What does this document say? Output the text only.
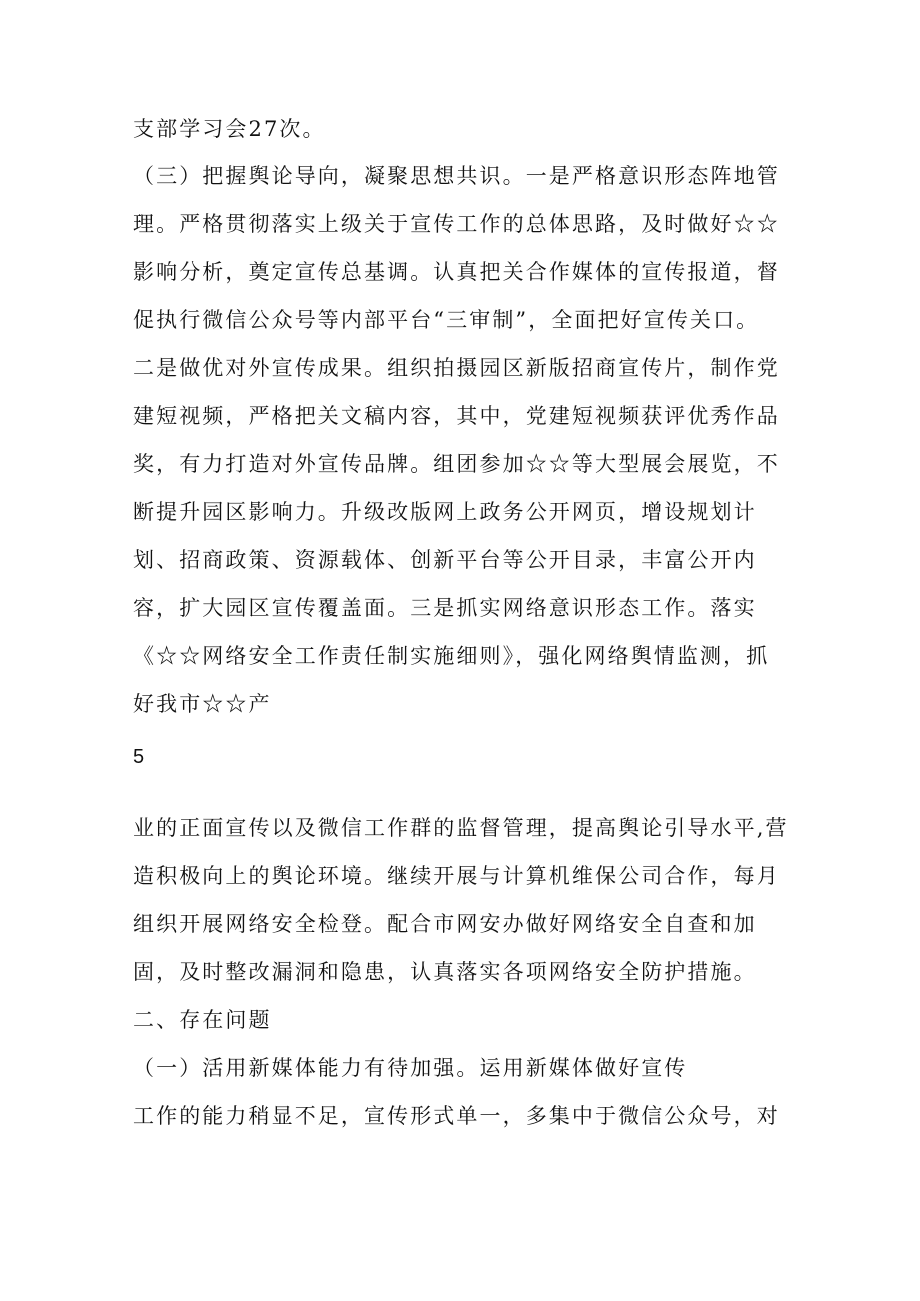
支部学习会27次。
（三）把握舆论导向，凝聚思想共识。一是严格意识形态阵地管
理。严格贯彻落实上级关于宣传工作的总体思路，及时做好☆☆
影响分析，奠定宣传总基调。认真把关合作媒体的宣传报道，督
促执行微信公众号等内部平台“三审制”，全面把好宣传关口。
二是做优对外宣传成果。组织拍摄园区新版招商宣传片，制作党
建短视频，严格把关文稿内容，其中，党建短视频获评优秀作品
奖，有力打造对外宣传品牌。组团参加☆☆等大型展会展览，不
断提升园区影响力。升级改版网上政务公开网页，增设规划计
划、招商政策、资源载体、创新平台等公开目录，丰富公开内
容，扩大园区宣传覆盖面。三是抓实网络意识形态工作。落实
《☆☆网络安全工作责任制实施细则》，强化网络舆情监测，抓
好我市☆☆产
5
业的正面宣传以及微信工作群的监督管理，提高舆论引导水平,营
造积极向上的舆论环境。继续开展与计算机维保公司合作，每月
组织开展网络安全检登。配合市网安办做好网络安全自查和加
固，及时整改漏洞和隐患，认真落实各项网络安全防护措施。
二、存在问题
（一）活用新媒体能力有待加强。运用新媒体做好宣传
工作的能力稍显不足，宣传形式单一，多集中于微信公众号，对
